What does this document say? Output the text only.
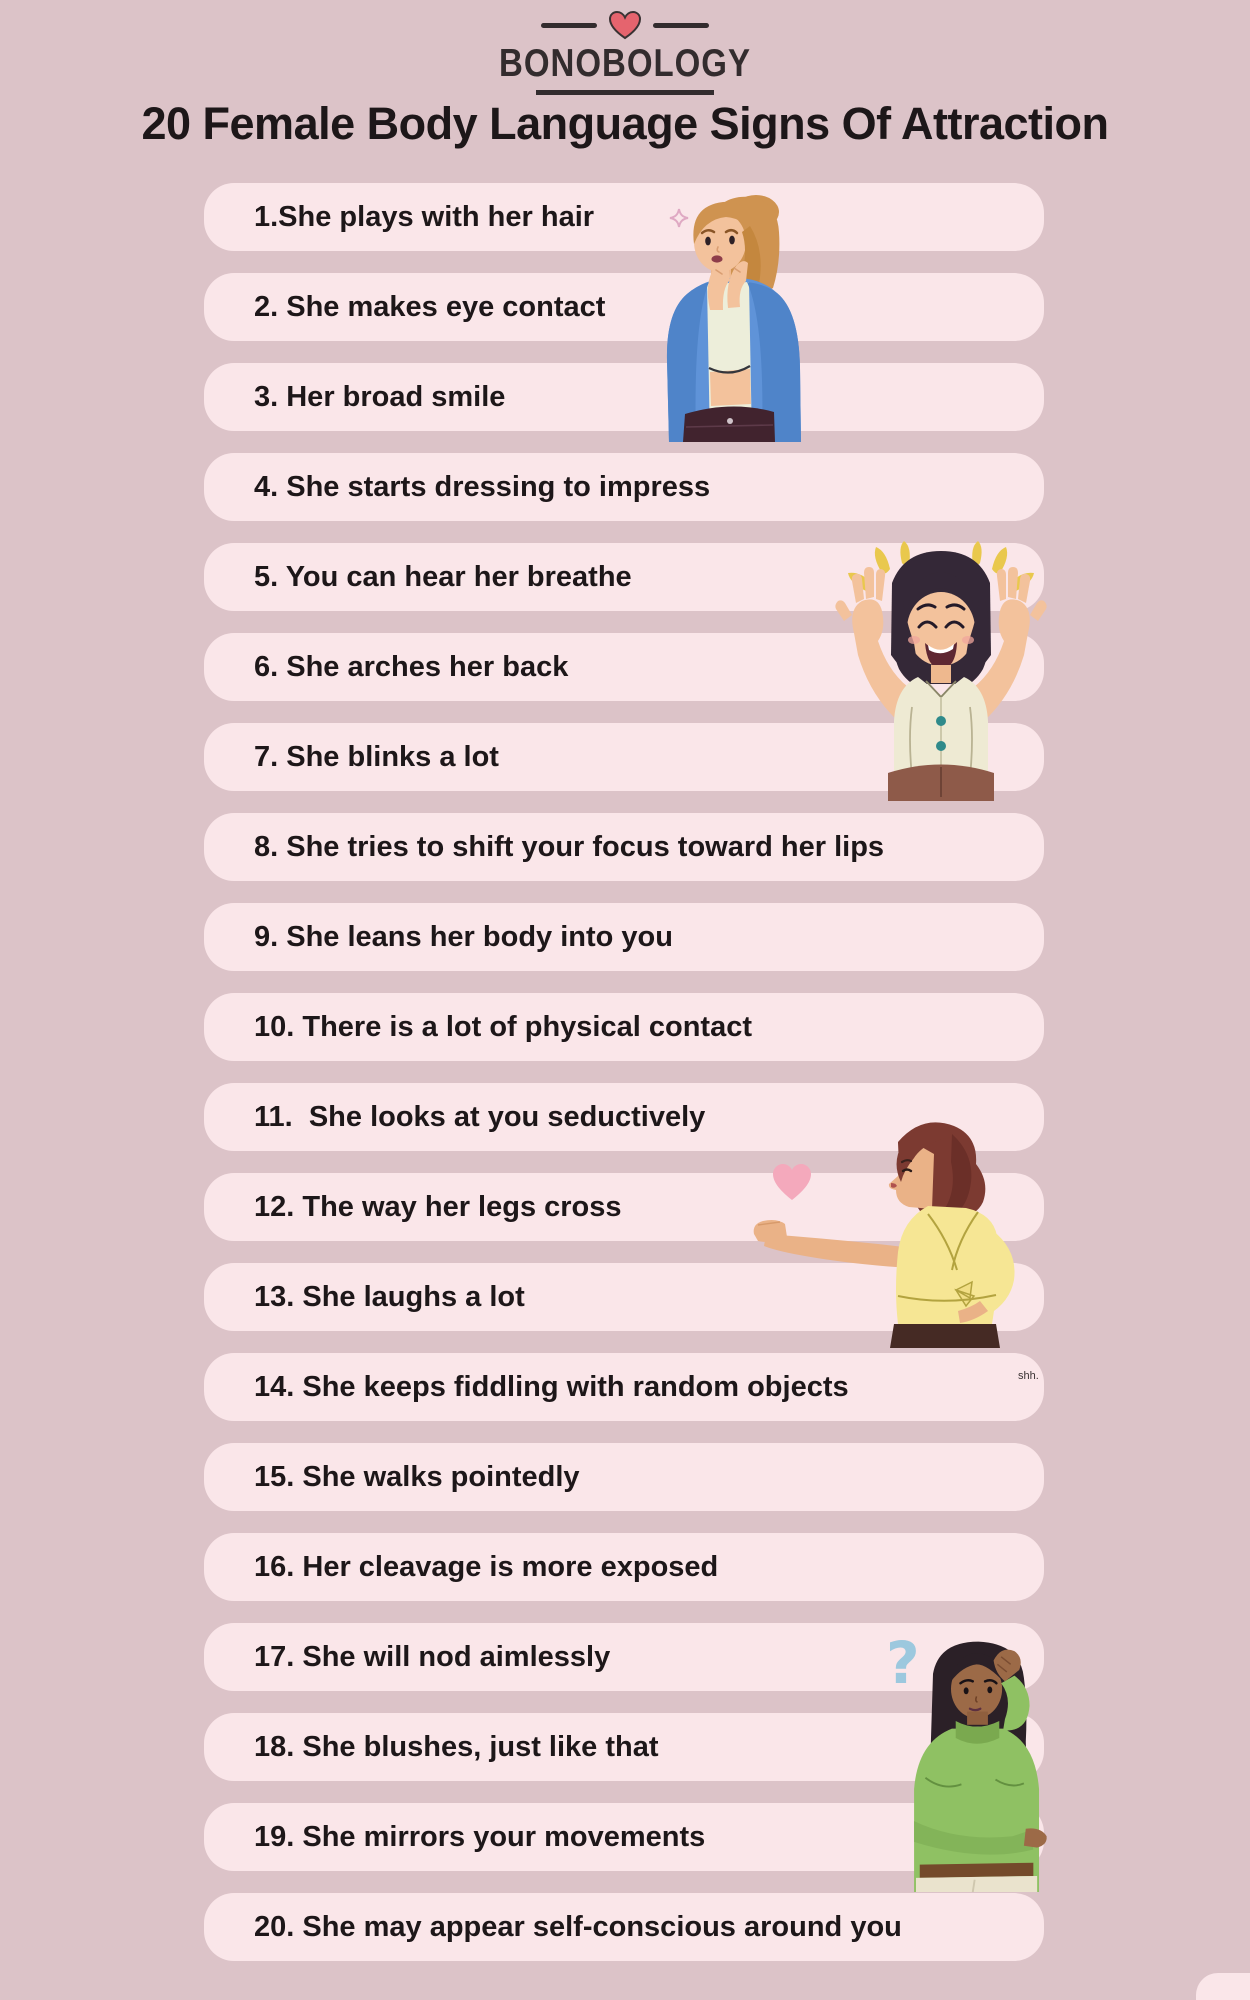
BONOBOLOGY
20 Female Body Language Signs Of Attraction
1.She plays with her hair
2. She makes eye contact
3. Her broad smile
4. She starts dressing to impress
5. You can hear her breathe
6. She arches her back
7. She blinks a lot
8. She tries to shift your focus toward her lips
9. She leans her body into you
10. There is a lot of physical contact
11.  She looks at you seductively
12. The way her legs cross
13. She laughs a lot
14. She keeps fiddling with random objects
15. She walks pointedly
16. Her cleavage is more exposed
17. She will nod aimlessly
18. She blushes, just like that
19. She mirrors your movements
20. She may appear self-conscious around you
shh.
?
